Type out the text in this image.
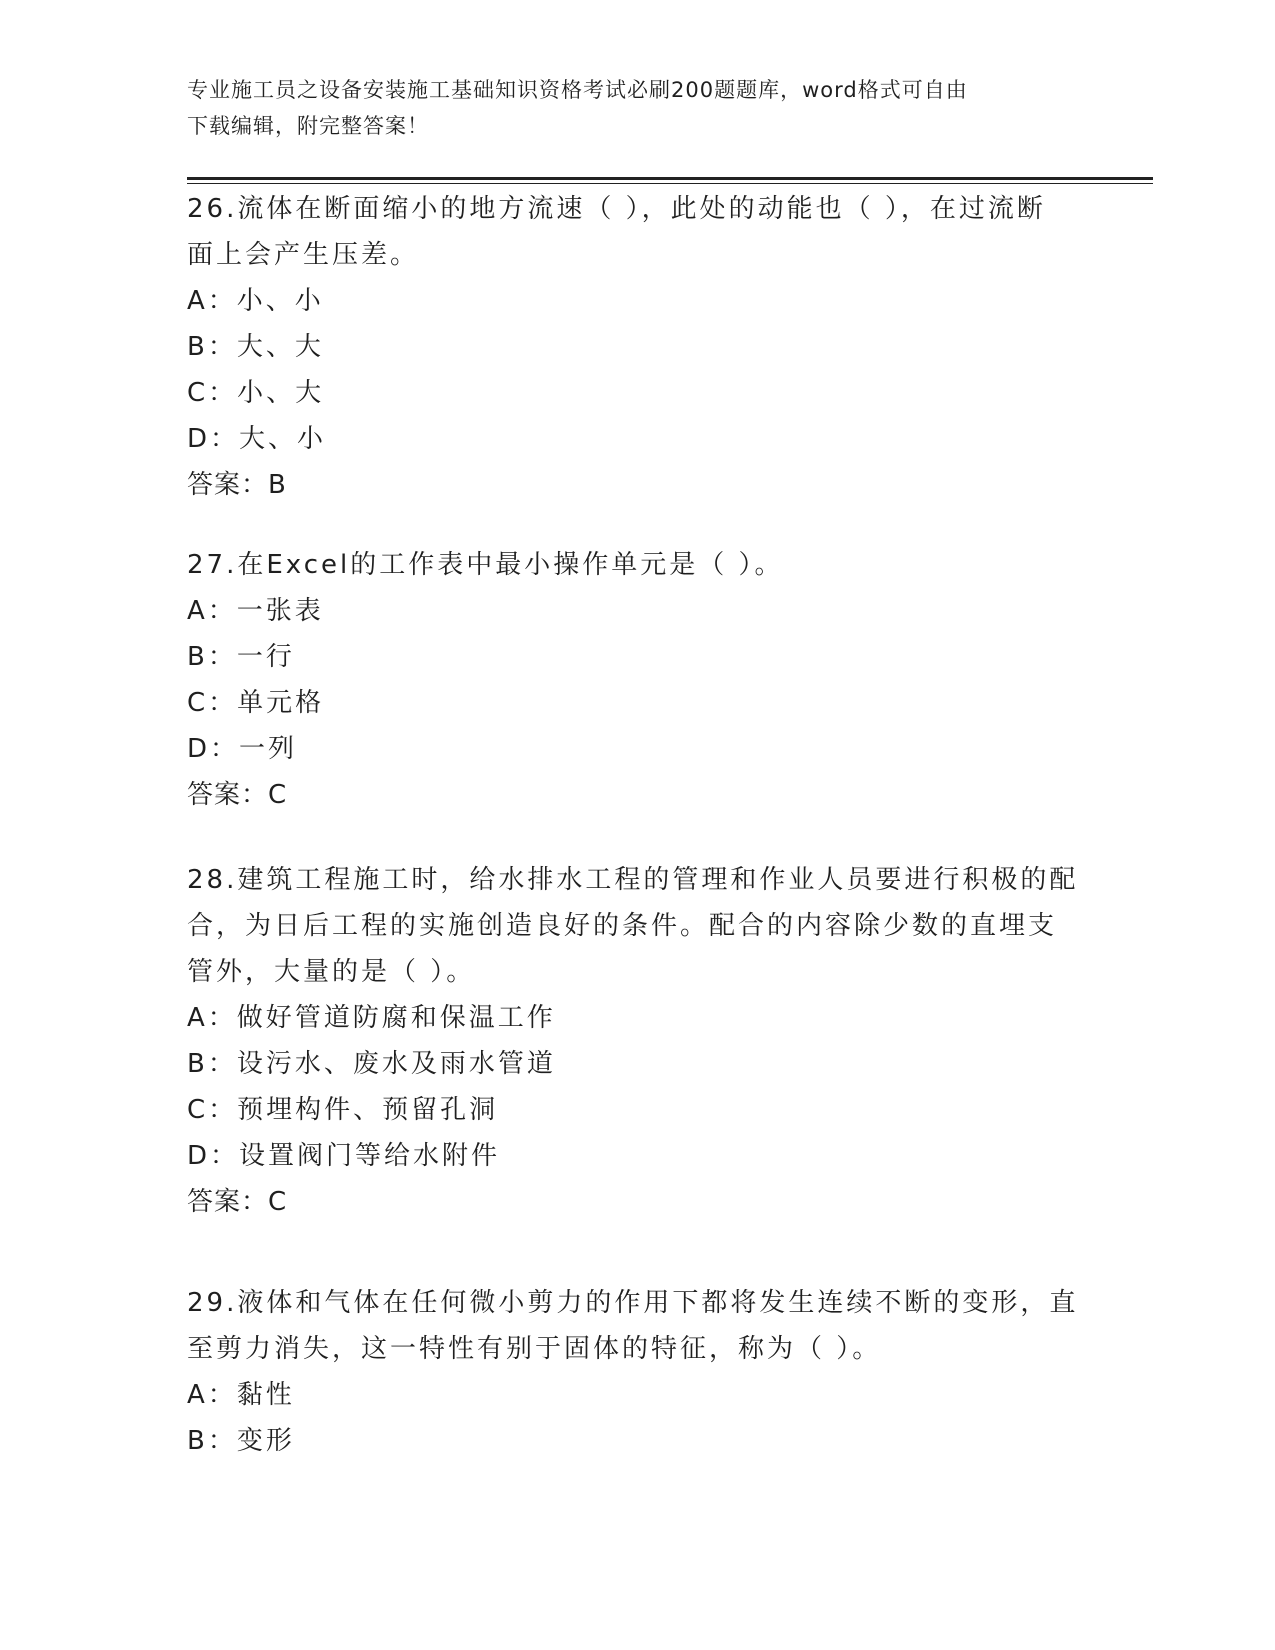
专业施工员之设备安装施工基础知识资格考试必刷200题题库，word格式可自由
下载编辑，附完整答案！

26.流体在断面缩小的地方流速（ ），此处的动能也（ ），在过流断
面上会产生压差。

A：小、小

B：大、大

C：小、大

D：大、小

答案：B

27.在Excel的工作表中最小操作单元是（ ）。

A：一张表

B：一行

C：单元格

D：一列

答案：C

28.建筑工程施工时，给水排水工程的管理和作业人员要进行积极的配
合，为日后工程的实施创造良好的条件。配合的内容除少数的直埋支
管外，大量的是（ ）。

A：做好管道防腐和保温工作

B：设污水、废水及雨水管道

C：预埋构件、预留孔洞

D：设置阀门等给水附件

答案：C

29.液体和气体在任何微小剪力的作用下都将发生连续不断的变形，直
至剪力消失，这一特性有别于固体的特征，称为（ ）。

A：黏性

B：变形
